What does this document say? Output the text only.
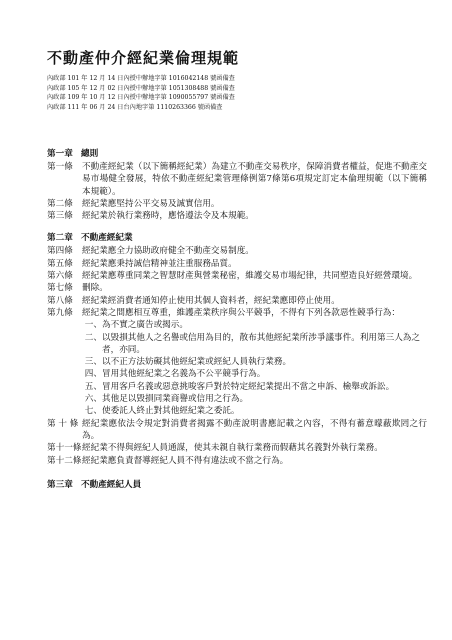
不動產仲介經紀業倫理規範
內政部 101 年 12 月 14 日內授中辦地字第 1016042148 號函備查
內政部 105 年 12 月 02 日內授中辦地字第 1051308488 號函備查
內政部 109 年 10 月 12 日內授中辦地字第 1090055797 號函備查
內政部 111 年 06 月 24 日台內地字第 1110263366 號函備查
第一章 總則
第一條	不動產經紀業（以下簡稱經紀業）為建立不動產交易秩序，保障消費者權益，促進不動產交易市場健全發展，特依不動產經紀業管理條例第7條第6項規定訂定本倫理規範（以下簡稱本規範）。
第二條	經紀業應堅持公平交易及誠實信用。
第三條	經紀業於執行業務時，應恪遵法令及本規範。
第二章 不動產經紀業
第四條	經紀業應全力協助政府健全不動產交易制度。
第五條	經紀業應秉持誠信精神並注重服務品質。
第六條	經紀業應尊重同業之智慧財產與營業秘密，維護交易市場紀律，共同塑造良好經營環境。
第七條	刪除。
第八條	經紀業經消費者通知停止使用其個人資料者，經紀業應即停止使用。
第九條	經紀業之間應相互尊重，維護產業秩序與公平競爭，不得有下列各款惡性競爭行為：
一、 為不實之廣告或揭示。
二、 以毀損其他人之名譽或信用為目的，散布其他經紀業所涉爭議事件。利用第三人為之者，亦同。
三、 以不正方法妨礙其他經紀業或經紀人員執行業務。
四、 冒用其他經紀業之名義為不公平競爭行為。
五、 冒用客戶名義或惡意挑唆客戶對於特定經紀業提出不當之申訴、檢舉或訴訟。
六、 其他足以毀損同業商譽或信用之行為。
七、 使委託人終止對其他經紀業之委託。
第 十 條 經紀業應依法令規定對消費者揭露不動產說明書應記載之內容，不得有蓄意曚蔽欺罔之行為。
第十一條 經紀業不得與經紀人員通謀，使其未親自執行業務而假藉其名義對外執行業務。
第十二條 經紀業應負責督導經紀人員不得有違法或不當之行為。
第三章 不動產經紀人員
